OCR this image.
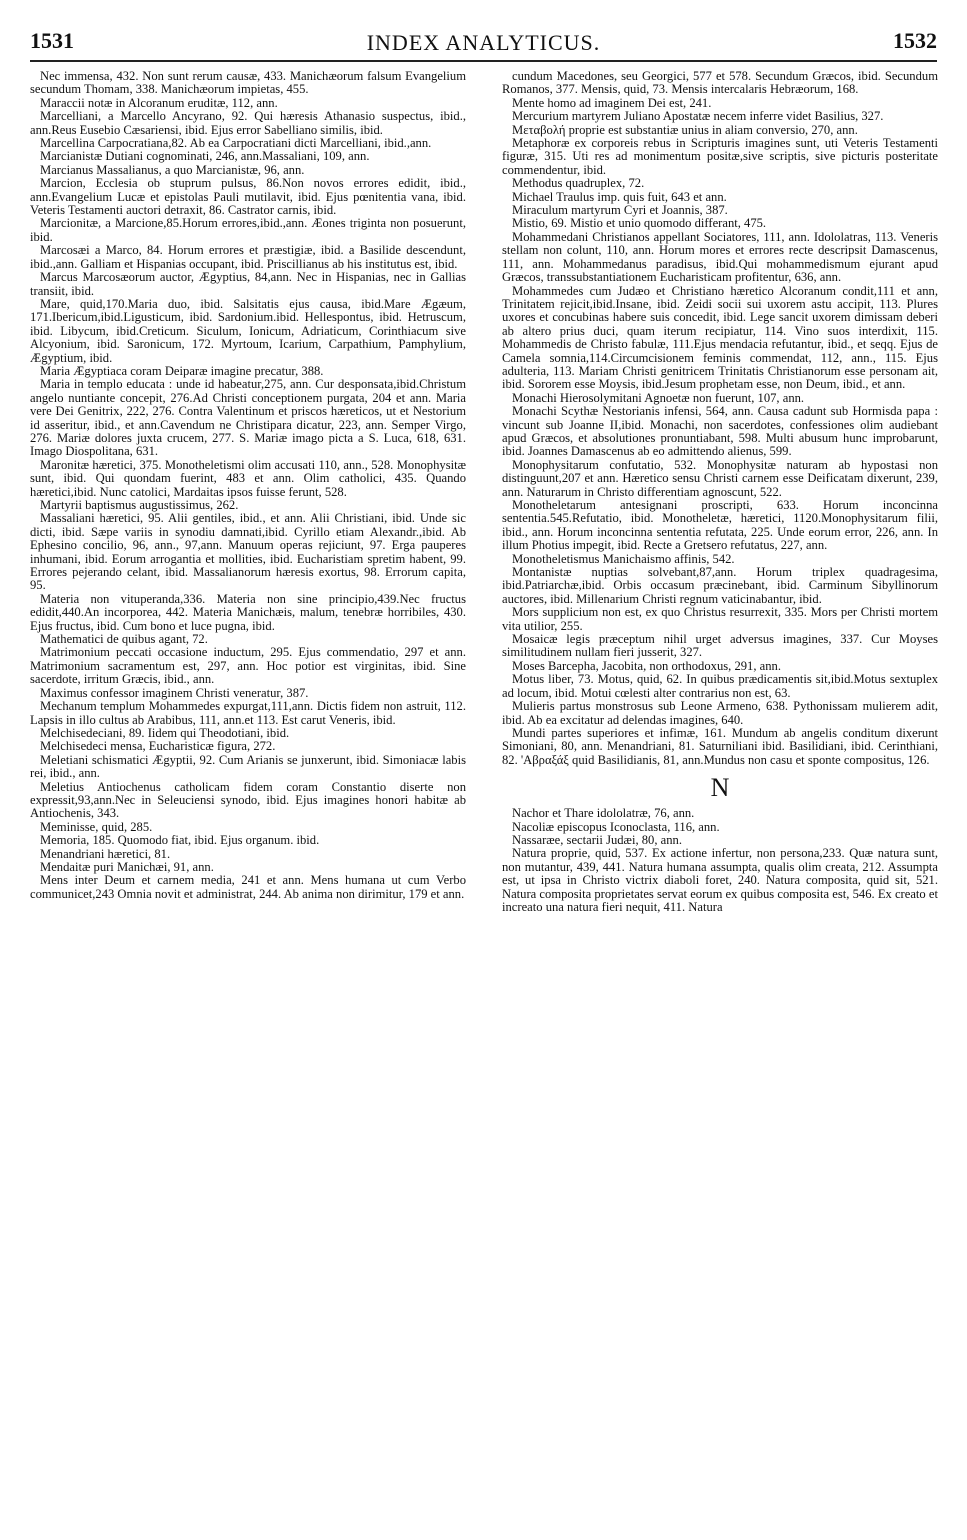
1531	INDEX ANALYTICUS.	1532

Nec immensa, 432. Non sunt rerum causæ, 433. Manichæorum falsum Evangelium secundum Thomam, 338. Manichæorum impietas, 455.

Maraccii notæ in Alcoranum eruditæ, 112, ann.

Marcelliani, a Marcello Ancyrano, 92. Qui hæresis Athanasio suspectus, ibid., ann.Reus Eusebio Cæsariensi, ibid. Ejus error Sabelliano similis, ibid.

Marcellina Carpocratiana,82. Ab ea Carpocratiani dicti Marcelliani, ibid.,ann.

Marcianistæ Dutiani cognominati, 246, ann.Massaliani, 109, ann.

Marcianus Massalianus, a quo Marcianistæ, 96, ann.

Marcion, Ecclesia ob stuprum pulsus, 86.Non novos errores edidit, ibid., ann.Evangelium Lucæ et epistolas Pauli mutilavit, ibid. Ejus pœnitentia vana, ibid. Veteris Testamenti auctori detraxit, 86. Castrator carnis, ibid.

Marcionitæ, a Marcione,85.Horum errores,ibid.,ann. Æones triginta non posuerunt, ibid.

Marcosæi a Marco, 84. Horum errores et præstigiæ, ibid. a Basilide descendunt, ibid.,ann. Galliam et Hispanias occupant, ibid. Priscillianus ab his institutus est, ibid.

Marcus Marcosæorum auctor, Ægyptius, 84,ann. Nec in Hispanias, nec in Gallias transiit, ibid.

Mare, quid,170.Maria duo, ibid. Salsitatis ejus causa, ibid.Mare Ægæum, 171.Ibericum,ibid.Ligusticum, ibid. Sardonium.ibid. Hellespontus, ibid. Hetruscum, ibid. Libycum, ibid.Creticum. Siculum, Ionicum, Adriaticum, Corinthiacum sive Alcyonium, ibid. Saronicum, 172. Myrtoum, Icarium, Carpathium, Pamphylium, Ægyptium, ibid.

Maria Ægyptiaca coram Deiparæ imagine precatur, 388.

Maria in templo educata : unde id habeatur,275, ann. Cur desponsata,ibid.Christum angelo nuntiante concepit, 276.Ad Christi conceptionem purgata, 204 et ann. Maria vere Dei Genitrix, 222, 276. Contra Valentinum et priscos hæreticos, ut et Nestorium id asseritur, ibid., et ann.Cavendum ne Christipara dicatur, 223, ann. Semper Virgo, 276. Mariæ dolores juxta crucem, 277. S. Mariæ imago picta a S. Luca, 618, 631. Imago Diospolitana, 631.

Maronitæ hæretici, 375. Monotheletismi olim accusati 110, ann., 528. Monophysitæ sunt, ibid. Qui quondam fuerint, 483 et ann. Olim catholici, 435. Quando hæretici,ibid. Nunc catolici, Mardaitas ipsos fuisse ferunt, 528.

Martyrii baptismus augustissimus, 262.

Massaliani hæretici, 95. Alii gentiles, ibid., et ann. Alii Christiani, ibid. Unde sic dicti, ibid. Sæpe variis in synodiu damnati,ibid. Cyrillo etiam Alexandr.,ibid. Ab Ephesino concilio, 96, ann., 97,ann. Manuum operas rejiciunt, 97. Erga pauperes inhumani, ibid. Eorum arrogantia et mollities, ibid. Eucharistiam spretim habent, 99. Errores pejerando celant, ibid. Massalianorum hæresis exortus, 98. Errorum capita, 95.

Materia non vituperanda,336. Materia non sine principio,439.Nec fructus edidit,440.An incorporea, 442. Materia Manichæis, malum, tenebræ horribiles, 430. Ejus fructus, ibid. Cum bono et luce pugna, ibid.

Mathematici de quibus agant, 72.

Matrimonium peccati occasione inductum, 295. Ejus commendatio, 297 et ann. Matrimonium sacramentum est, 297, ann. Hoc potior est virginitas, ibid. Sine sacerdote, irritum Græcis, ibid., ann.

Maximus confessor imaginem Christi veneratur, 387.

Mechanum templum Mohammedes expurgat,111,ann. Dictis fidem non astruit, 112. Lapsis in illo cultus ab Arabibus, 111, ann.et 113. Est carut Veneris, ibid.

Melchisedeciani, 89. Iidem qui Theodotiani, ibid.

Melchisedeci mensa, Eucharisticæ figura, 272.

Meletiani schismatici Ægyptii, 92. Cum Arianis se junxerunt, ibid. Simoniacæ labis rei, ibid., ann.

Meletius Antiochenus catholicam fidem coram Constantio diserte non expressit,93,ann.Nec in Seleuciensi synodo, ibid. Ejus imagines honori habitæ ab Antiochenis, 343.

Meminisse, quid, 285.

Memoria, 185. Quomodo fiat, ibid. Ejus organum. ibid.

Menandriani hæretici, 81.

Mendaitæ puri Manichæi, 91, ann.

Mens inter Deum et carnem media, 241 et ann. Mens humana ut cum Verbo communicet,243 Omnia novit et administrat, 244. Ab anima non dirimitur, 179 et ann.

cundum Macedones, seu Georgici, 577 et 578. Secundum Græcos, ibid. Secundum Romanos, 377. Mensis, quid, 73. Mensis intercalaris Hebræorum, 168.

Mente homo ad imaginem Dei est, 241.

Mercurium martyrem Juliano Apostatæ necem inferre videt Basilius, 327.

Μεταβολή proprie est substantiæ unius in aliam conversio, 270, ann.

Metaphoræ ex corporeis rebus in Scripturis imagines sunt, uti Veteris Testamenti figuræ, 315. Uti res ad monimentum positæ,sive scriptis, sive picturis posteritate commendentur, ibid.

Methodus quadruplex, 72.

Michael Traulus imp. quis fuit, 643 et ann.

Miraculum martyrum Cyri et Joannis, 387.

Mistio, 69. Mistio et unio quomodo differant, 475.

Mohammedani Christianos appellant Sociatores, 111, ann. Idololatras, 113. Veneris stellam non colunt, 110, ann. Horum mores et errores recte descripsit Damascenus, 111, ann. Mohammedanus paradisus, ibid.Qui mohammedismum ejurant apud Græcos, transsubstantiationem Eucharisticam profitentur, 636, ann.

Mohammedes cum Judæo et Christiano hæretico Alcoranum condit,111 et ann, Trinitatem rejicit,ibid.Insane, ibid. Zeidi socii sui uxorem astu accipit, 113. Plures uxores et concubinas habere suis concedit, ibid. Lege sancit uxorem dimissam deberi ab altero prius duci, quam iterum recipiatur, 114. Vino suos interdixit, 115. Mohammedis de Christo fabulæ, 111.Ejus mendacia refutantur, ibid., et seqq. Ejus de Camela somnia,114.Circumcisionem feminis commendat, 112, ann., 115. Ejus adulteria, 113. Mariam Christi genitricem Trinitatis Christianorum esse personam ait, ibid. Sororem esse Moysis, ibid.Jesum prophetam esse, non Deum, ibid., et ann.

Monachi Hierosolymitani Agnoetæ non fuerunt, 107, ann.

Monachi Scythæ Nestorianis infensi, 564, ann. Causa cadunt sub Hormisda papa : vincunt sub Joanne II,ibid. Monachi, non sacerdotes, confessiones olim audiebant apud Græcos, et absolutiones pronuntiabant, 598. Multi abusum hunc improbarunt, ibid. Joannes Damascenus ab eo admittendo alienus, 599.

Monophysitarum confutatio, 532. Monophysitæ naturam ab hypostasi non distinguunt,207 et ann. Hæretico sensu Christi carnem esse Deificatam dixerunt, 239, ann. Naturarum in Christo differentiam agnoscunt, 522.

Monotheletarum antesignani proscripti, 633. Horum inconcinna sententia.545.Refutatio, ibid. Monotheletæ, hæretici, 1120.Monophysitarum filii, ibid., ann. Horum inconcinna sententia refutata, 225. Unde eorum error, 226, ann. In illum Photius impegit, ibid. Recte a Gretsero refutatus, 227, ann.

Monotheletismus Manichaismo affinis, 542.

Montanistæ nuptias solvebant,87,ann. Horum triplex quadragesima, ibid.Patriarchæ,ibid. Orbis occasum præcinebant, ibid. Carminum Sibyllinorum auctores, ibid. Millenarium Christi regnum vaticinabantur, ibid.

Mors supplicium non est, ex quo Christus resurrexit, 335. Mors per Christi mortem vita utilior, 255.

Mosaicæ legis præceptum nihil urget adversus imagines, 337. Cur Moyses similitudinem nullam fieri jusserit, 327.

Moses Barcepha, Jacobita, non orthodoxus, 291, ann.

Motus liber, 73. Motus, quid, 62. In quibus prædicamentis sit,ibid.Motus sextuplex ad locum, ibid. Motui cœlesti alter contrarius non est, 63.

Mulieris partus monstrosus sub Leone Armeno, 638. Pythonissam mulierem adit, ibid. Ab ea excitatur ad delendas imagines, 640.

Mundi partes superiores et infimæ, 161. Mundum ab angelis conditum dixerunt Simoniani, 80, ann. Menandriani, 81. Saturniliani ibid. Basilidiani, ibid. Cerinthiani, 82. 'Αβραξάξ quid Basilidianis, 81, ann.Mundus non casu et sponte compositus, 126.

N

Nachor et Thare idololatræ, 76, ann.

Nacoliæ episcopus Iconoclasta, 116, ann.

Nassaræe, sectarii Judæi, 80, ann.

Natura proprie, quid, 537. Ex actione infertur, non persona,233. Quæ natura sunt, non mutantur, 439, 441. Natura humana assumpta, qualis olim creata, 212. Assumpta est, ut ipsa in Christo victrix diaboli foret, 240. Natura composita, quid sit, 521. Natura composita proprietates servat eorum ex quibus composita est, 546. Ex creato et increato una natura fieri nequit, 411. Natura
